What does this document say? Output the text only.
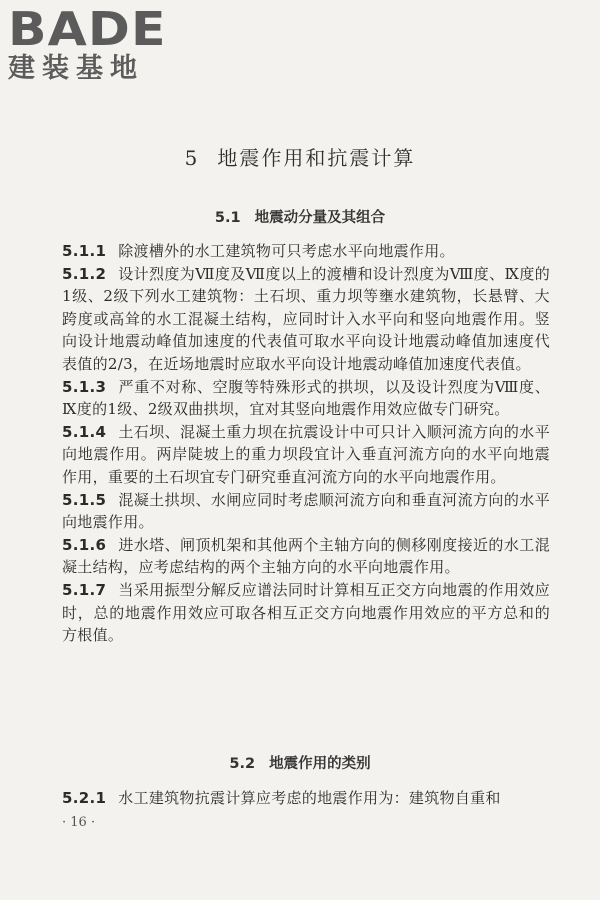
BADE
建装基地
5 地震作用和抗震计算
5.1 地震动分量及其组合

5.1.1 除渡槽外的水工建筑物可只考虑水平向地震作用。

5.1.2 设计烈度为Ⅶ度及Ⅶ度以上的渡槽和设计烈度为Ⅷ度、Ⅸ度的1级、2级下列水工建筑物：土石坝、重力坝等壅水建筑物，长悬臂、大跨度或高耸的水工混凝土结构，应同时计入水平向和竖向地震作用。竖向设计地震动峰值加速度的代表值可取水平向设计地震动峰值加速度代表值的2/3，在近场地震时应取水平向设计地震动峰值加速度代表值。

5.1.3 严重不对称、空腹等特殊形式的拱坝，以及设计烈度为Ⅷ度、Ⅸ度的1级、2级双曲拱坝，宜对其竖向地震作用效应做专门研究。

5.1.4 土石坝、混凝土重力坝在抗震设计中可只计入顺河流方向的水平向地震作用。两岸陡坡上的重力坝段宜计入垂直河流方向的水平向地震作用，重要的土石坝宜专门研究垂直河流方向的水平向地震作用。

5.1.5 混凝土拱坝、水闸应同时考虑顺河流方向和垂直河流方向的水平向地震作用。

5.1.6 进水塔、闸顶机架和其他两个主轴方向的侧移刚度接近的水工混凝土结构，应考虑结构的两个主轴方向的水平向地震作用。

5.1.7 当采用振型分解反应谱法同时计算相互正交方向地震的作用效应时，总的地震作用效应可取各相互正交方向地震作用效应的平方总和的方根值。

5.2 地震作用的类别

5.2.1 水工建筑物抗震计算应考虑的地震作用为：建筑物自重和

· 16 ·
